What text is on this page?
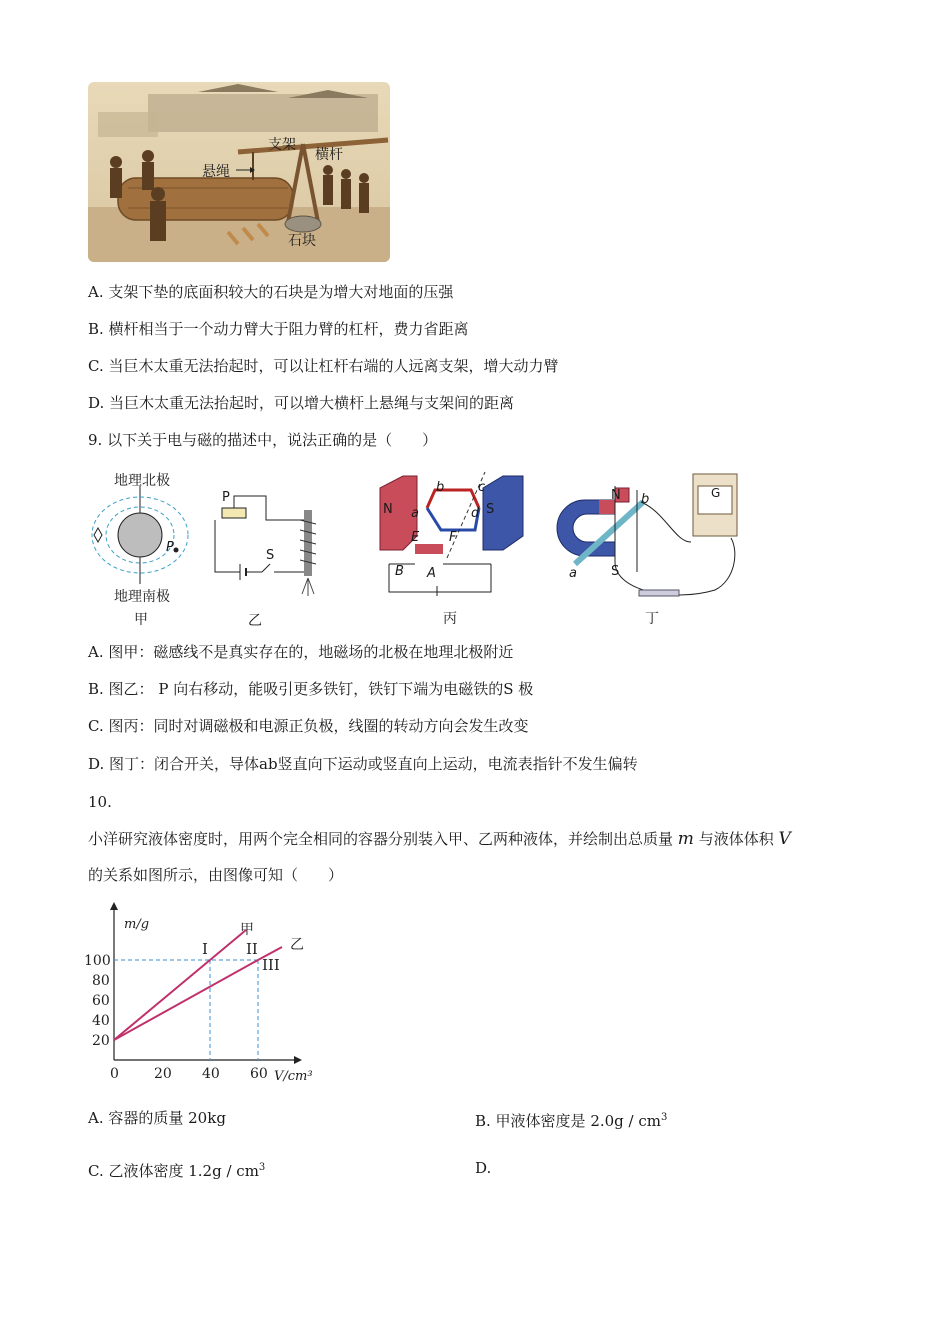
支架
悬绳
横杆
石块
A. 支架下垫的底面积较大的石块是为增大对地面的压强
B. 横杆相当于一个动力臂大于阻力臂的杠杆，费力省距离
C. 当巨木太重无法抬起时，可以让杠杆右端的人远离支架，增大动力臂
D. 当巨木太重无法抬起时，可以增大横杆上悬绳与支架间的距离
9. 以下关于电与磁的描述中，说法正确的是（　　）
地理北极
P
地理南极
甲
P
S
乙
N	S
a
b	c
d
E F
B A
丙
N
S
a
b	G
丁
A. 图甲：磁感线不是真实存在的，地磁场的北极在地理北极附近
B. 图乙： P 向右移动，能吸引更多铁钉，铁钉下端为电磁铁的S 极
C. 图丙：同时对调磁极和电源正负极，线圈的转动方向会发生改变
D. 图丁：闭合开关，导体ab竖直向下运动或竖直向上运动，电流表指针不发生偏转
10.
小洋研究液体密度时，用两个完全相同的容器分别装入甲、乙两种液体，并绘制出总质量 m 与液体体积 V
的关系如图所示，由图像可知（　　）
0	20 40 60
20
40
60
80
100
V/cm³
m/g	甲
乙
I	II
III
A. 容器的质量 20kg	B. 甲液体密度是 $2.0g / cm^3$
C. 乙液体密度 $1.2g / cm^3$	D.
